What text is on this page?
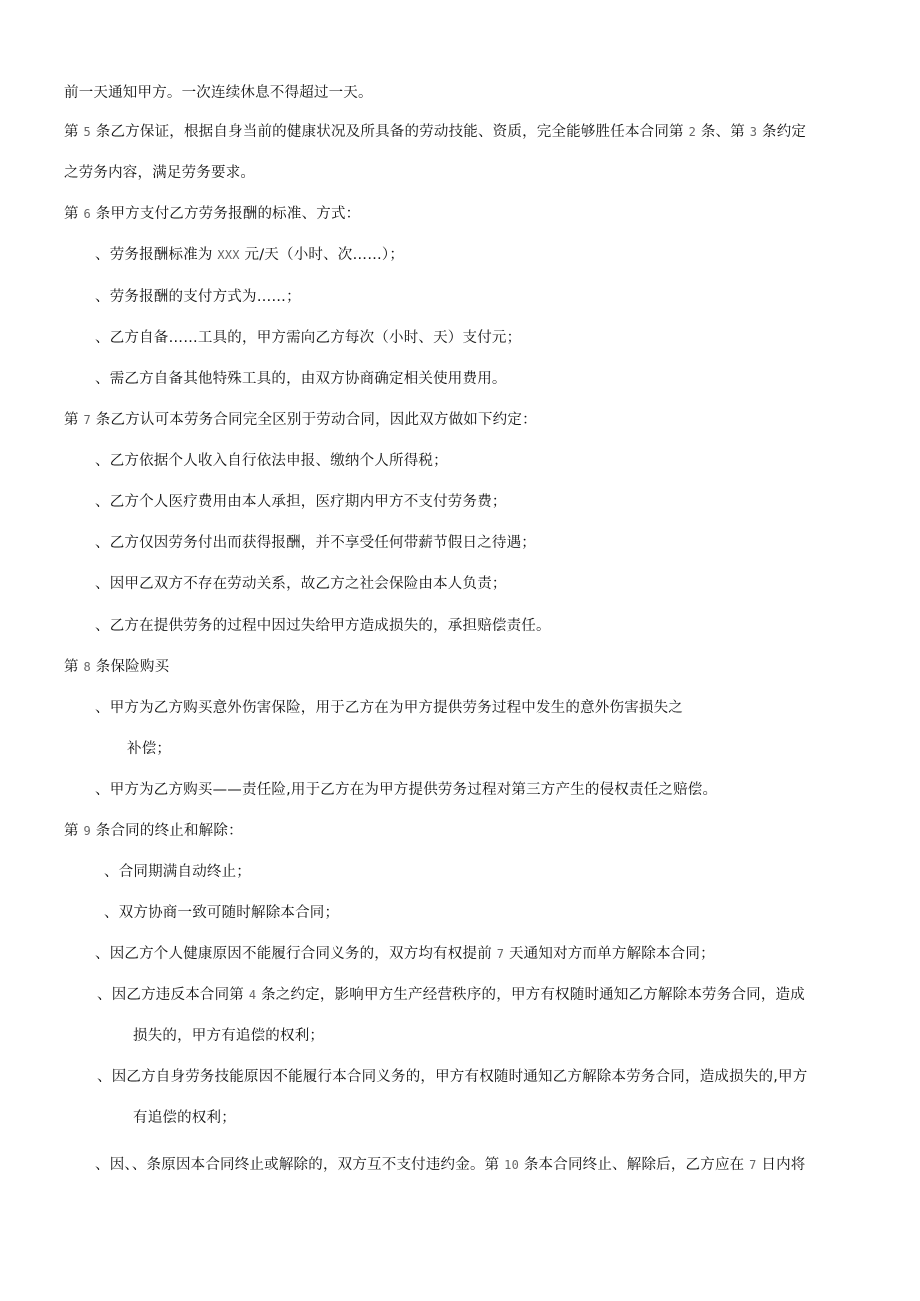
前一天通知甲方。一次连续休息不得超过一天。
第 5 条乙方保证，根据自身当前的健康状况及所具备的劳动技能、资质，完全能够胜任本合同第 2 条、第 3 条约定
之劳务内容，满足劳务要求。
第 6 条甲方支付乙方劳务报酬的标准、方式：
、劳务报酬标准为 XXX 元/天（小时、次……）；
、劳务报酬的支付方式为……；
、乙方自备……工具的，甲方需向乙方每次（小时、天）支付元；
、需乙方自备其他特殊工具的，由双方协商确定相关使用费用。
第 7 条乙方认可本劳务合同完全区别于劳动合同，因此双方做如下约定：
、乙方依据个人收入自行依法申报、缴纳个人所得税；
、乙方个人医疗费用由本人承担，医疗期内甲方不支付劳务费；
、乙方仅因劳务付出而获得报酬，并不享受任何带薪节假日之待遇；
、因甲乙双方不存在劳动关系，故乙方之社会保险由本人负责；
、乙方在提供劳务的过程中因过失给甲方造成损失的，承担赔偿责任。
第 8 条保险购买
、甲方为乙方购买意外伤害保险，用于乙方在为甲方提供劳务过程中发生的意外伤害损失之
补偿；
、甲方为乙方购买——责任险,用于乙方在为甲方提供劳务过程对第三方产生的侵权责任之赔偿。
第 9 条合同的终止和解除：
、合同期满自动终止；
、双方协商一致可随时解除本合同；
、因乙方个人健康原因不能履行合同义务的，双方均有权提前 7 天通知对方而单方解除本合同；
、因乙方违反本合同第 4 条之约定，影响甲方生产经营秩序的，甲方有权随时通知乙方解除本劳务合同，造成
损失的，甲方有追偿的权利；
、因乙方自身劳务技能原因不能履行本合同义务的，甲方有权随时通知乙方解除本劳务合同，造成损失的,甲方
有追偿的权利；
、因、、条原因本合同终止或解除的，双方互不支付违约金。第 10 条本合同终止、解除后，乙方应在 7 日内将
